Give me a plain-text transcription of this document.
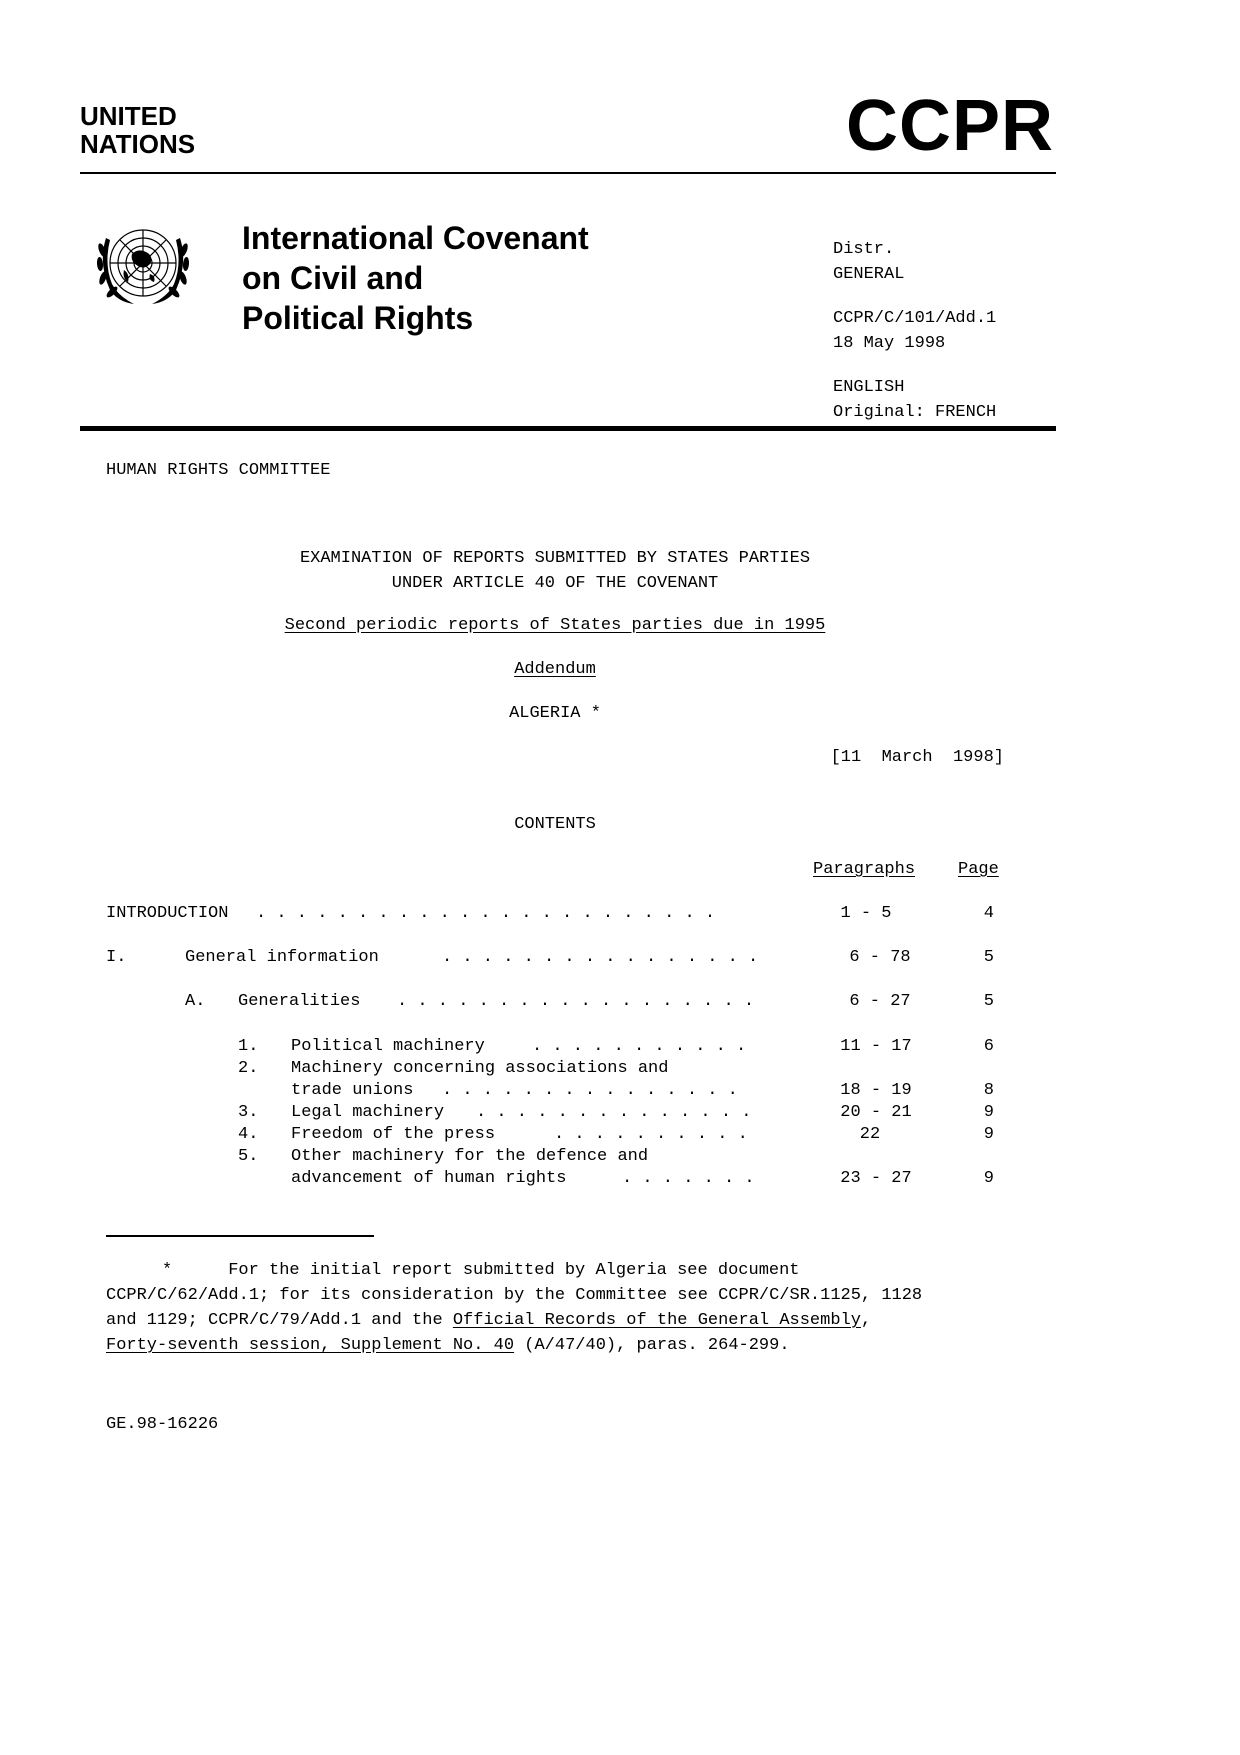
UNITED
NATIONS	CCPR
International Covenant
on Civil and
Political Rights
Distr.
GENERAL
CCPR/C/101/Add.1
18 May 1998
ENGLISH
Original: FRENCH
HUMAN RIGHTS COMMITTEE
EXAMINATION OF REPORTS SUBMITTED BY STATES PARTIES
UNDER ARTICLE 40 OF THE COVENANT
Second periodic reports of States parties due in 1995
Addendum
ALGERIA *
[11  March  1998]
CONTENTS
Paragraphs	Page
INTRODUCTION . . . . . . . . . . . . . . . . . . . . . . .	1 - 5	4
I.	General information	. . . . . . . . . . . . . . . .	6 - 78	5
A. Generalities . . . . . . . . . . . . . . . . . .	6 - 27	5
1. Political machinery	. . . . . . . . . . .	11 - 17	6
2. Machinery concerning associations and
trade unions . . . . . . . . . . . . . . .	18 - 19	8
3. Legal machinery . . . . . . . . . . . . . .	20 - 21	9
4. Freedom of the press	. . . . . . . . . .	22	9
5. Other machinery for the defence and
advancement of human rights	. . . . . . .	23 - 27	9
*	For the initial report submitted by Algeria see document
CCPR/C/62/Add.1; for its consideration by the Committee see CCPR/C/SR.1125, 1128
and 1129; CCPR/C/79/Add.1 and the Official Records of the General Assembly,
Forty-seventh session, Supplement No. 40 (A/47/40), paras. 264-299.
GE.98-16226
